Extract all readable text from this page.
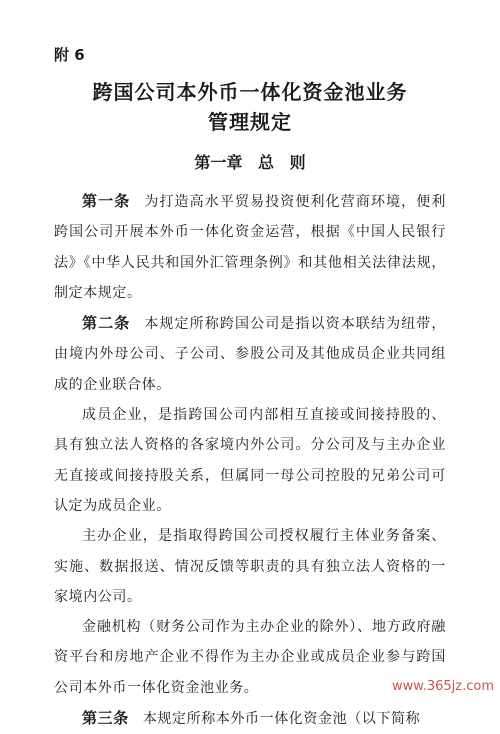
附 6
跨国公司本外币一体化资金池业务
管理规定
第一章 总 则

第一条 为打造高水平贸易投资便利化营商环境，便利跨国公司开展本外币一体化资金运营，根据《中国人民银行法》《中华人民共和国外汇管理条例》和其他相关法律法规，制定本规定。

第二条 本规定所称跨国公司是指以资本联结为纽带，由境内外母公司、子公司、参股公司及其他成员企业共同组成的企业联合体。

成员企业，是指跨国公司内部相互直接或间接持股的、具有独立法人资格的各家境内外公司。分公司及与主办企业无直接或间接持股关系，但属同一母公司控股的兄弟公司可认定为成员企业。

主办企业，是指取得跨国公司授权履行主体业务备案、实施、数据报送、情况反馈等职责的具有独立法人资格的一家境内公司。

金融机构（财务公司作为主办企业的除外）、地方政府融资平台和房地产企业不得作为主办企业或成员企业参与跨国公司本外币一体化资金池业务。

第三条 本规定所称本外币一体化资金池（以下简称

www.365jz.com
